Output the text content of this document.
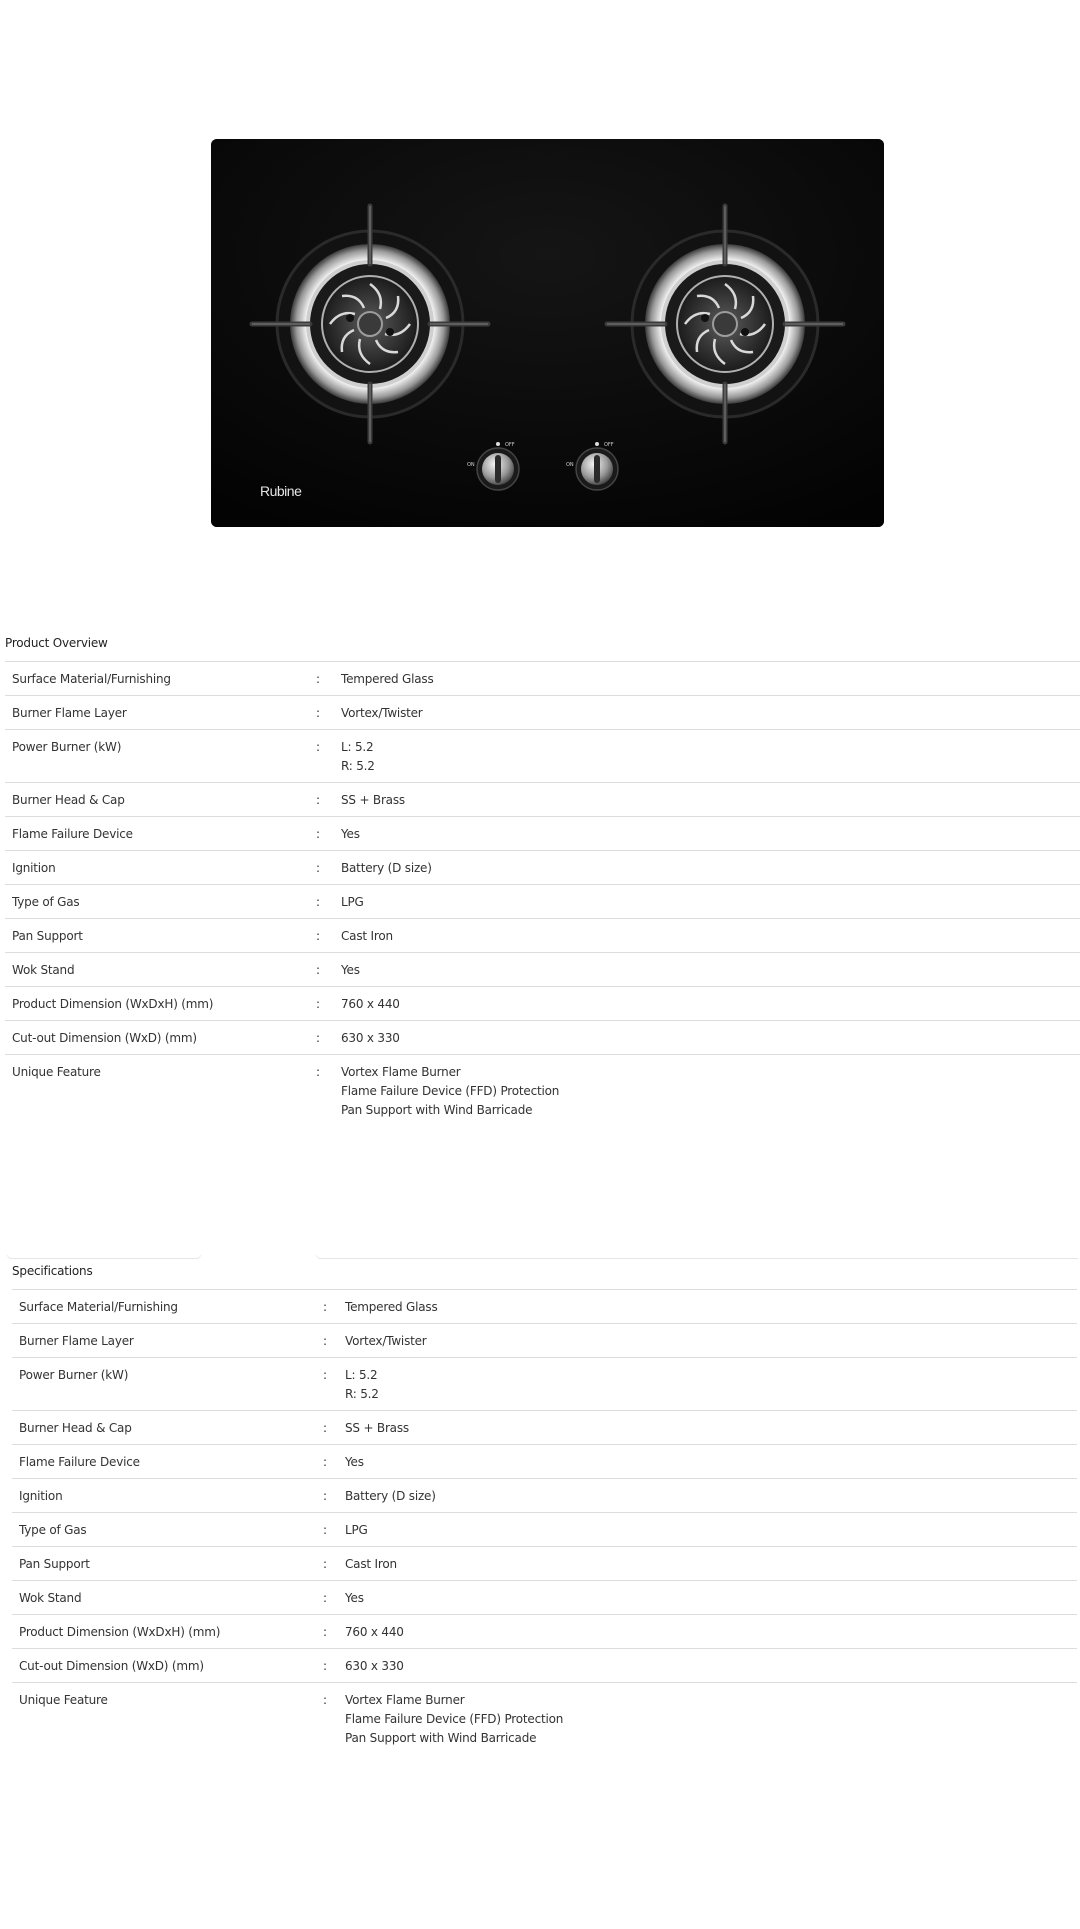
OFF
ON
OFF
ON
Rubine
Product Overview
Surface Material/Furnishing	:	Tempered Glass

Burner Flame Layer	:	Vortex/Twister

Power Burner (kW)	:	L: 5.2
R: 5.2

Burner Head & Cap	:	SS + Brass

Flame Failure Device	:	Yes

Ignition	:	Battery (D size)

Type of Gas	:	LPG

Pan Support	:	Cast Iron

Wok Stand	:	Yes

Product Dimension (WxDxH) (mm)	:	760 x 440

Cut-out Dimension (WxD) (mm)	:	630 x 330

Unique Feature	:	Vortex Flame Burner
Flame Failure Device (FFD) Protection
Pan Support with Wind Barricade
Specifications
Surface Material/Furnishing	:	Tempered Glass

Burner Flame Layer	:	Vortex/Twister

Power Burner (kW)	:	L: 5.2
R: 5.2

Burner Head & Cap	:	SS + Brass

Flame Failure Device	:	Yes

Ignition	:	Battery (D size)

Type of Gas	:	LPG

Pan Support	:	Cast Iron

Wok Stand	:	Yes

Product Dimension (WxDxH) (mm)	:	760 x 440

Cut-out Dimension (WxD) (mm)	:	630 x 330

Unique Feature	:	Vortex Flame Burner
Flame Failure Device (FFD) Protection
Pan Support with Wind Barricade
